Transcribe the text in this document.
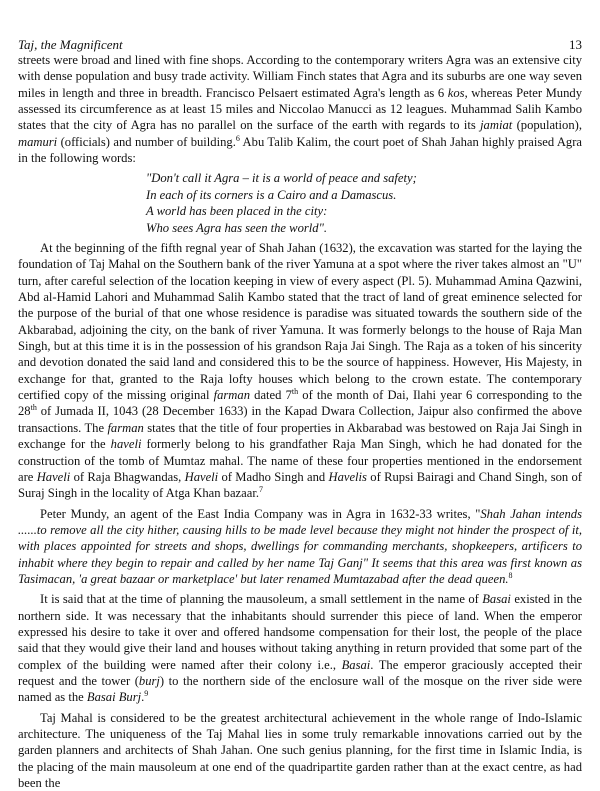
Taj, the Magnificent	13

streets were broad and lined with fine shops. According to the contemporary writers Agra was an extensive city with dense population and busy trade activity. William Finch states that Agra and its suburbs are one way seven miles in length and three in breadth. Francisco Pelsaert estimated Agra's length as 6 kos, whereas Peter Mundy assessed its circumference as at least 15 miles and Niccolao Manucci as 12 leagues. Muhammad Salih Kambo states that the city of Agra has no parallel on the surface of the earth with regards to its jamiat (population), mamuri (officials) and number of building.$^6$ Abu Talib Kalim, the court poet of Shah Jahan highly praised Agra in the following words:

"Don't call it Agra – it is a world of peace and safety;
In each of its corners is a Cairo and a Damascus.
A world has been placed in the city:
Who sees Agra has seen the world".

At the beginning of the fifth regnal year of Shah Jahan (1632), the excavation was started for the laying the foundation of Taj Mahal on the Southern bank of the river Yamuna at a spot where the river takes almost an "U" turn, after careful selection of the location keeping in view of every aspect (Pl. 5). Muhammad Amina Qazwini, Abd al-Hamid Lahori and Muhammad Salih Kambo stated that the tract of land of great eminence selected for the purpose of the burial of that one whose residence is paradise was situated towards the southern side of the Akbarabad, adjoining the city, on the bank of river Yamuna. It was formerly belongs to the house of Raja Man Singh, but at this time it is in the possession of his grandson Raja Jai Singh. The Raja as a token of his sincerity and devotion donated the said land and considered this to be the source of happiness. However, His Majesty, in exchange for that, granted to the Raja lofty houses which belong to the crown estate. The contemporary certified copy of the missing original farman dated 7th of the month of Dai, Ilahi year 6 corresponding to the 28th of Jumada II, 1043 (28 December 1633) in the Kapad Dwara Collection, Jaipur also confirmed the above transactions. The farman states that the title of four properties in Akbarabad was bestowed on Raja Jai Singh in exchange for the haveli formerly belong to his grandfather Raja Man Singh, which he had donated for the construction of the tomb of Mumtaz mahal. The name of these four properties mentioned in the endorsement are Haveli of Raja Bhagwandas, Haveli of Madho Singh and Havelis of Rupsi Bairagi and Chand Singh, son of Suraj Singh in the locality of Atga Khan bazaar.$^7$

Peter Mundy, an agent of the East India Company was in Agra in 1632-33 writes, "Shah Jahan intends ......to remove all the city hither, causing hills to be made level because they might not hinder the prospect of it, with places appointed for streets and shops, dwellings for commanding merchants, shopkeepers, artificers to inhabit where they begin to repair and called by her name Taj Ganj" It seems that this area was first known as Tasimacan, 'a great bazaar or marketplace' but later renamed Mumtazabad after the dead queen.$^8$

It is said that at the time of planning the mausoleum, a small settlement in the name of Basai existed in the northern side. It was necessary that the inhabitants should surrender this piece of land. When the emperor expressed his desire to take it over and offered handsome compensation for their lost, the people of the place said that they would give their land and houses without taking anything in return provided that some part of the complex of the building were named after their colony i.e., Basai. The emperor graciously accepted their request and the tower (burj) to the northern side of the enclosure wall of the mosque on the river side were named as the Basai Burj.$^9$

Taj Mahal is considered to be the greatest architectural achievement in the whole range of Indo-Islamic architecture. The uniqueness of the Taj Mahal lies in some truly remarkable innovations carried out by the garden planners and architects of Shah Jahan. One such genius planning, for the first time in Islamic India, is the placing of the main mausoleum at one end of the quadripartite garden rather than at the exact centre, as had been the
